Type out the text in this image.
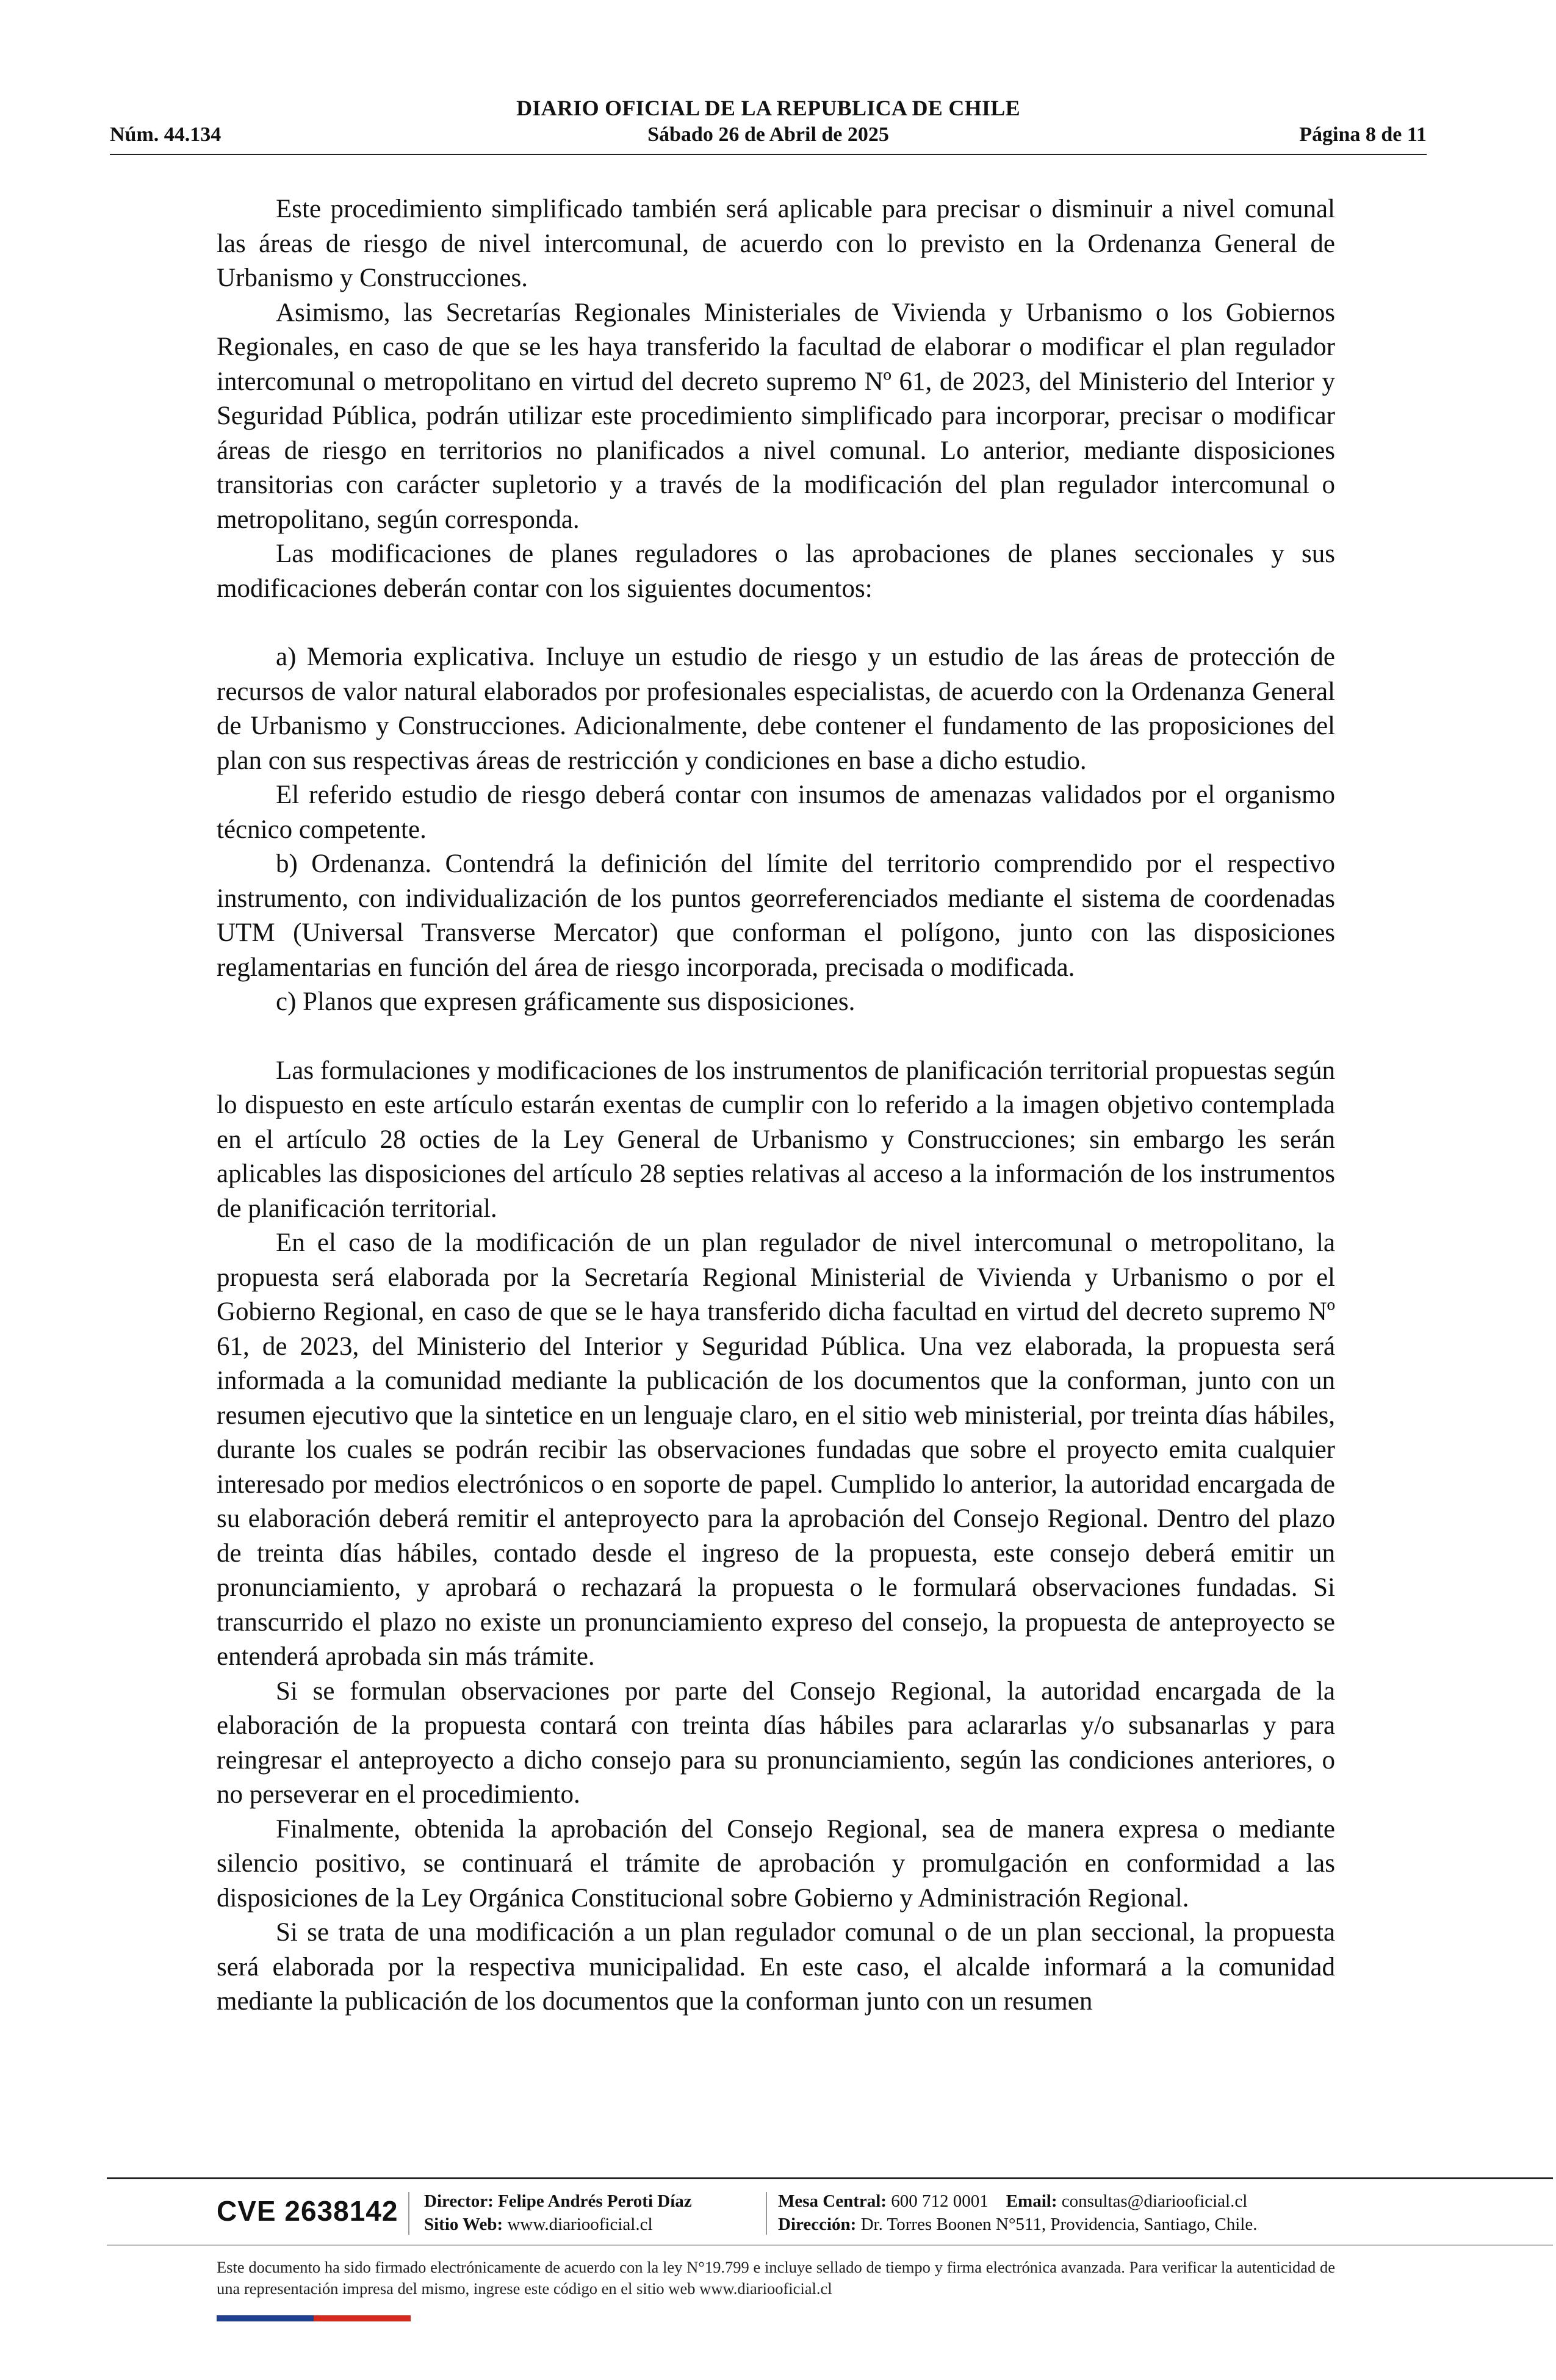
DIARIO OFICIAL DE LA REPUBLICA DE CHILE
Núm. 44.134	Sábado 26 de Abril de 2025	Página 8 de 11

Este procedimiento simplificado también será aplicable para precisar o disminuir a nivel comunal las áreas de riesgo de nivel intercomunal, de acuerdo con lo previsto en la Ordenanza General de Urbanismo y Construcciones.

Asimismo, las Secretarías Regionales Ministeriales de Vivienda y Urbanismo o los Gobiernos Regionales, en caso de que se les haya transferido la facultad de elaborar o modificar el plan regulador intercomunal o metropolitano en virtud del decreto supremo Nº 61, de 2023, del Ministerio del Interior y Seguridad Pública, podrán utilizar este procedimiento simplificado para incorporar, precisar o modificar áreas de riesgo en territorios no planificados a nivel comunal. Lo anterior, mediante disposiciones transitorias con carácter supletorio y a través de la modificación del plan regulador intercomunal o metropolitano, según corresponda.

Las modificaciones de planes reguladores o las aprobaciones de planes seccionales y sus modificaciones deberán contar con los siguientes documentos:

a) Memoria explicativa. Incluye un estudio de riesgo y un estudio de las áreas de protección de recursos de valor natural elaborados por profesionales especialistas, de acuerdo con la Ordenanza General de Urbanismo y Construcciones. Adicionalmente, debe contener el fundamento de las proposiciones del plan con sus respectivas áreas de restricción y condiciones en base a dicho estudio.

El referido estudio de riesgo deberá contar con insumos de amenazas validados por el organismo técnico competente.

b) Ordenanza. Contendrá la definición del límite del territorio comprendido por el respectivo instrumento, con individualización de los puntos georreferenciados mediante el sistema de coordenadas UTM (Universal Transverse Mercator) que conforman el polígono, junto con las disposiciones reglamentarias en función del área de riesgo incorporada, precisada o modificada.

c) Planos que expresen gráficamente sus disposiciones.

Las formulaciones y modificaciones de los instrumentos de planificación territorial propuestas según lo dispuesto en este artículo estarán exentas de cumplir con lo referido a la imagen objetivo contemplada en el artículo 28 octies de la Ley General de Urbanismo y Construcciones; sin embargo les serán aplicables las disposiciones del artículo 28 septies relativas al acceso a la información de los instrumentos de planificación territorial.

En el caso de la modificación de un plan regulador de nivel intercomunal o metropolitano, la propuesta será elaborada por la Secretaría Regional Ministerial de Vivienda y Urbanismo o por el Gobierno Regional, en caso de que se le haya transferido dicha facultad en virtud del decreto supremo Nº 61, de 2023, del Ministerio del Interior y Seguridad Pública. Una vez elaborada, la propuesta será informada a la comunidad mediante la publicación de los documentos que la conforman, junto con un resumen ejecutivo que la sintetice en un lenguaje claro, en el sitio web ministerial, por treinta días hábiles, durante los cuales se podrán recibir las observaciones fundadas que sobre el proyecto emita cualquier interesado por medios electrónicos o en soporte de papel. Cumplido lo anterior, la autoridad encargada de su elaboración deberá remitir el anteproyecto para la aprobación del Consejo Regional. Dentro del plazo de treinta días hábiles, contado desde el ingreso de la propuesta, este consejo deberá emitir un pronunciamiento, y aprobará o rechazará la propuesta o le formulará observaciones fundadas. Si transcurrido el plazo no existe un pronunciamiento expreso del consejo, la propuesta de anteproyecto se entenderá aprobada sin más trámite.

Si se formulan observaciones por parte del Consejo Regional, la autoridad encargada de la elaboración de la propuesta contará con treinta días hábiles para aclararlas y/o subsanarlas y para reingresar el anteproyecto a dicho consejo para su pronunciamiento, según las condiciones anteriores, o no perseverar en el procedimiento.

Finalmente, obtenida la aprobación del Consejo Regional, sea de manera expresa o mediante silencio positivo, se continuará el trámite de aprobación y promulgación en conformidad a las disposiciones de la Ley Orgánica Constitucional sobre Gobierno y Administración Regional.

Si se trata de una modificación a un plan regulador comunal o de un plan seccional, la propuesta será elaborada por la respectiva municipalidad. En este caso, el alcalde informará a la comunidad mediante la publicación de los documentos que la conforman junto con un resumen

CVE 2638142 Director: Felipe Andrés Peroti Díaz
Sitio Web: www.diariooficial.cl
Mesa Central: 600 712 0001 Email: consultas@diariooficial.cl
Dirección: Dr. Torres Boonen N°511, Providencia, Santiago, Chile.
Este documento ha sido firmado electrónicamente de acuerdo con la ley N°19.799 e incluye sellado de tiempo y firma electrónica avanzada. Para verificar la autenticidad de una representación impresa del mismo, ingrese este código en el sitio web www.diariooficial.cl
